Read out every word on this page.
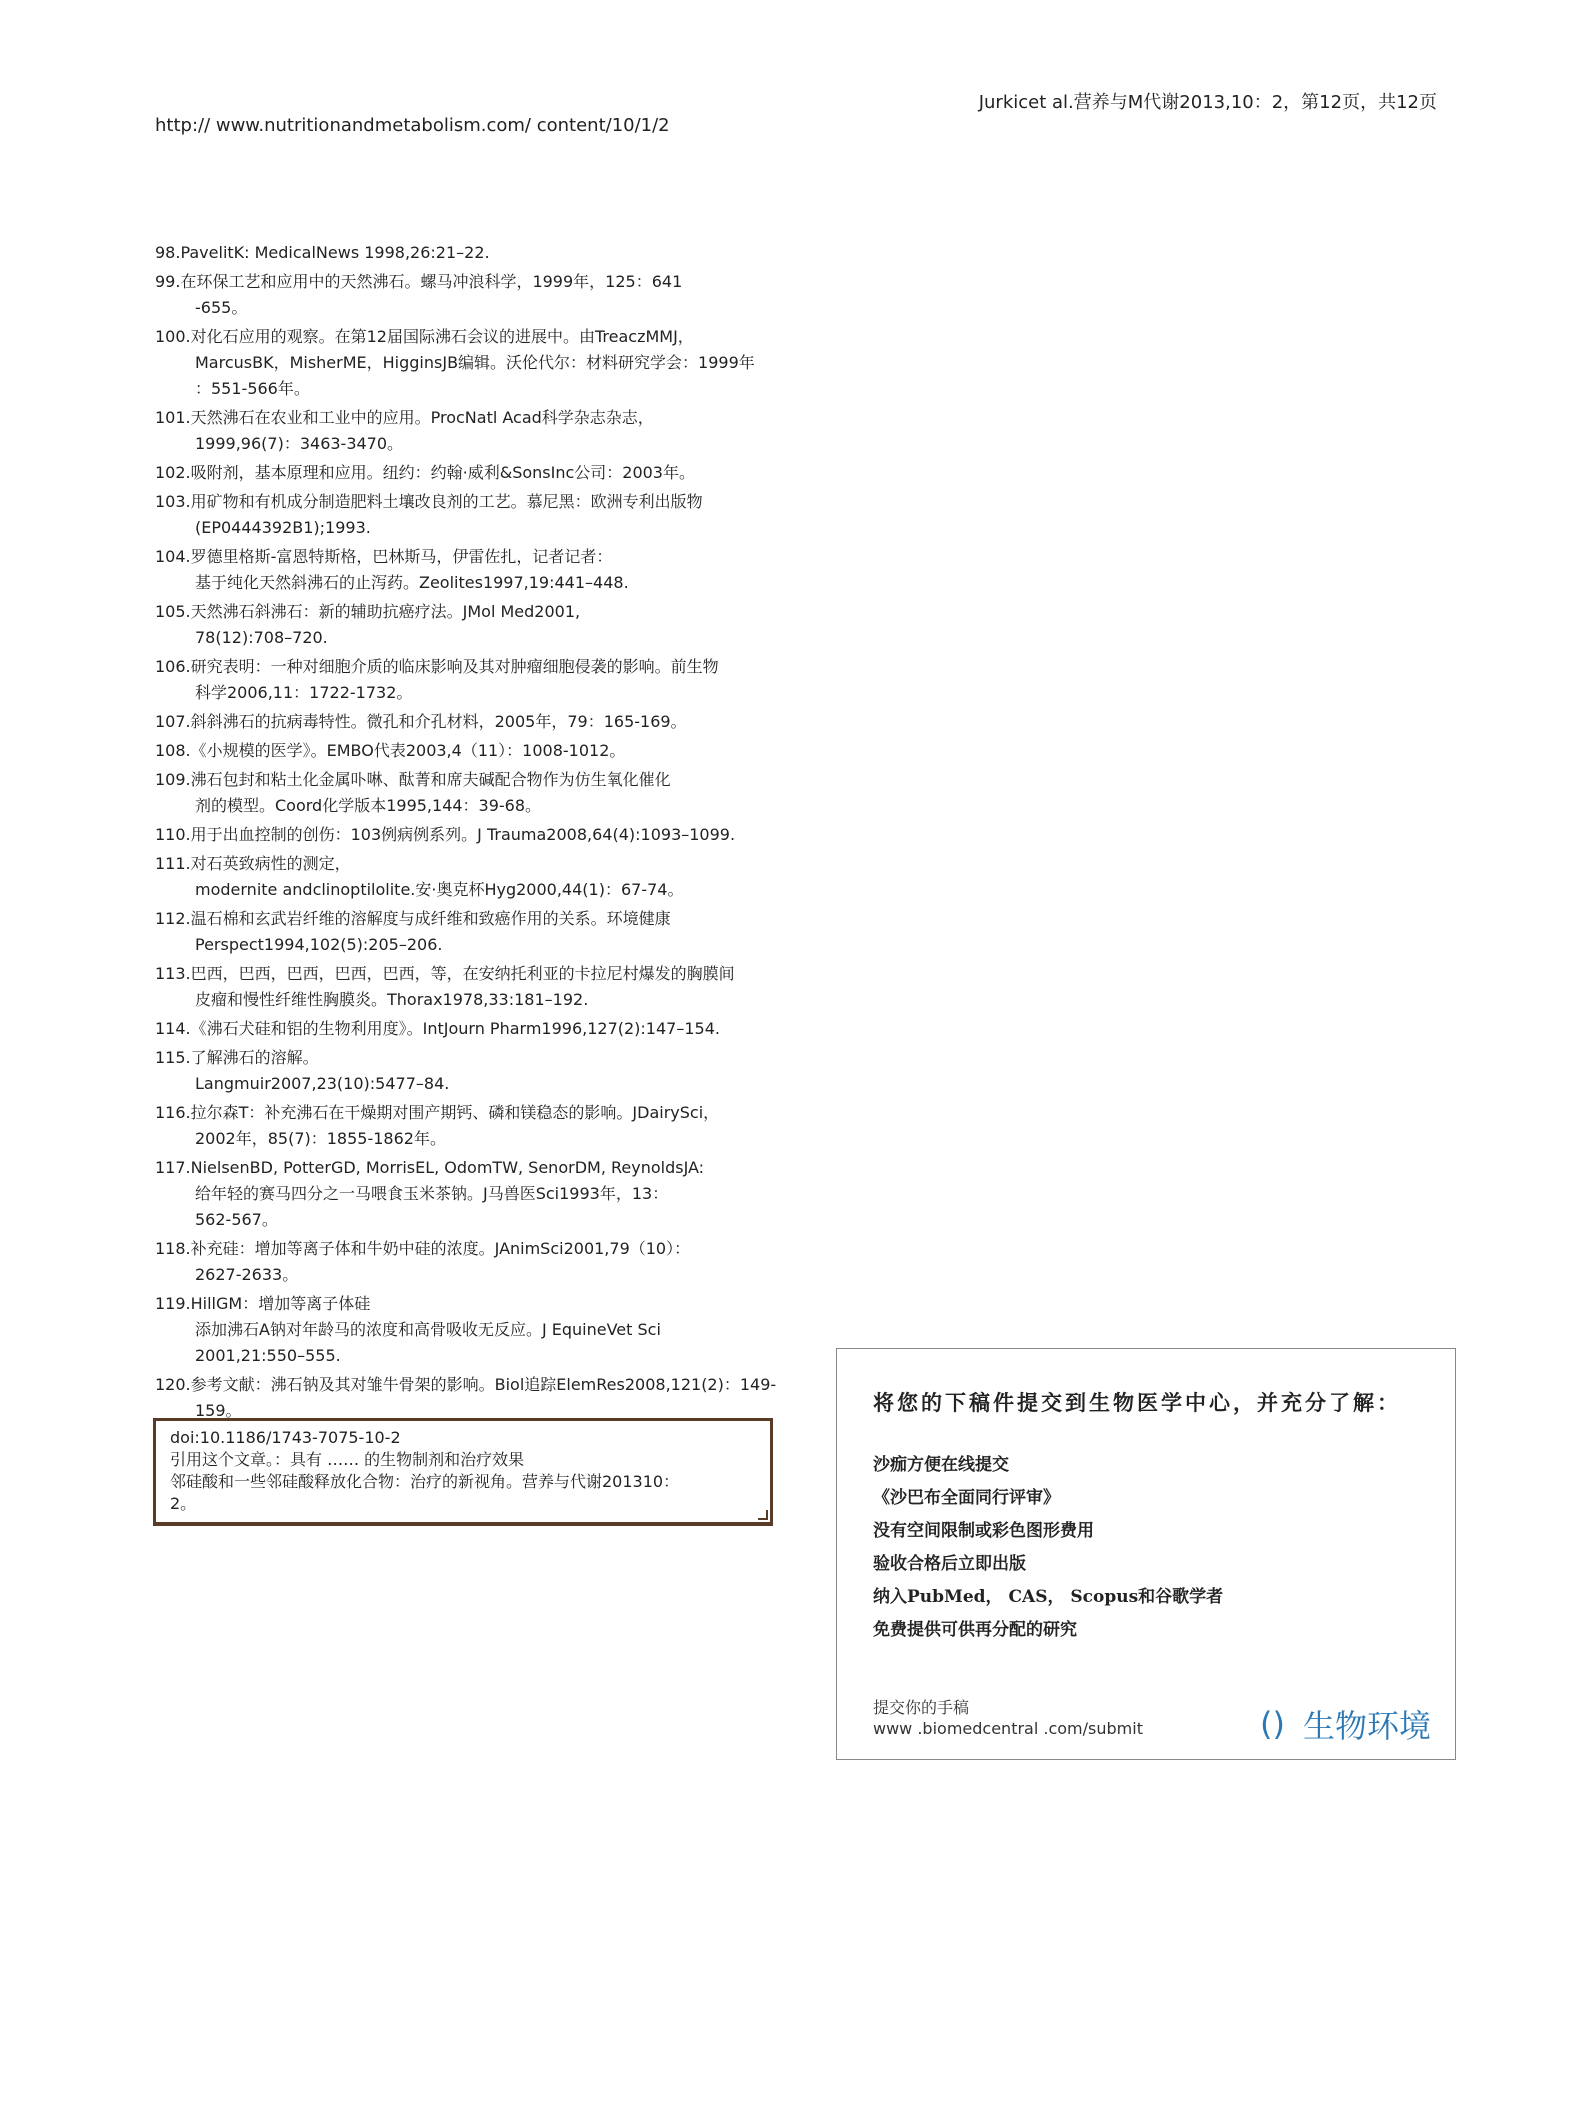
Jurkicet al.营养与M代谢2013,10：2，第12页，共12页
http:// www.nutritionandmetabolism.com/ content/10/1/2
98.PavelitK: MedicalNews 1998,26:21–22.
99.在环保工艺和应用中的天然沸石。螺马冲浪科学，1999年，125：641
-655。
100.对化石应用的观察。在第12届国际沸石会议的进展中。由TreaczMMJ，
MarcusBK，MisherME，HigginsJB编辑。沃伦代尔：材料研究学会：1999年
：551-566年。
101.天然沸石在农业和工业中的应用。ProcNatl Acad科学杂志杂志，
1999,96(7)：3463-3470。
102.吸附剂，基本原理和应用。纽约：约翰·威利&SonsInc公司：2003年。
103.用矿物和有机成分制造肥料土壤改良剂的工艺。慕尼黑：欧洲专利出版物
(EP0444392B1);1993.
104.罗德里格斯-富恩特斯格，巴林斯马，伊雷佐扎，记者记者：
基于纯化天然斜沸石的止泻药。Zeolites1997,19:441–448.
105.天然沸石斜沸石：新的辅助抗癌疗法。JMol Med2001,
78(12):708–720.
106.研究表明：一种对细胞介质的临床影响及其对肿瘤细胞侵袭的影响。前生物
科学2006,11：1722-1732。
107.斜斜沸石的抗病毒特性。微孔和介孔材料，2005年，79：165-169。
108.《小规模的医学》。EMBO代表2003,4（11）：1008-1012。
109.沸石包封和粘土化金属卟啉、酞菁和席夫碱配合物作为仿生氧化催化
剂的模型。Coord化学版本1995,144：39-68。
110.用于出血控制的创伤：103例病例系列。J Trauma2008,64(4):1093–1099.
111.对石英致病性的测定，
modernite andclinoptilolite.安·奥克杯Hyg2000,44(1)：67-74。
112.温石棉和玄武岩纤维的溶解度与成纤维和致癌作用的关系。环境健康
Perspect1994,102(5):205–206.
113.巴西，巴西，巴西，巴西，巴西，等，在安纳托利亚的卡拉尼村爆发的胸膜间
皮瘤和慢性纤维性胸膜炎。Thorax1978,33:181–192.
114.《沸石犬硅和铝的生物利用度》。IntJourn Pharm1996,127(2):147–154.
115.了解沸石的溶解。
Langmuir2007,23(10):5477–84.
116.拉尔森T：补充沸石在干燥期对围产期钙、磷和镁稳态的影响。JDairySci，
2002年，85(7)：1855-1862年。
117.NielsenBD, PotterGD, MorrisEL, OdomTW, SenorDM, ReynoldsJA:
给年轻的赛马四分之一马喂食玉米茶钠。J马兽医Sci1993年，13：
562-567。
118.补充硅：增加等离子体和牛奶中硅的浓度。JAnimSci2001,79（10）：
2627-2633。
119.HillGM：增加等离子体硅
添加沸石A钠对年龄马的浓度和高骨吸收无反应。J EquineVet Sci
2001,21:550–555.
120.参考文献：沸石钠及其对雏牛骨架的影响。Biol追踪ElemRes2008,121(2)：149-
159。
doi:10.1186/1743-7075-10-2
引用这个文章。：具有 …… 的生物制剂和治疗效果
邻硅酸和一些邻硅酸释放化合物：治疗的新视角。营养与代谢201310：
2。
将您的下稿件提交到生物医学中心，并充分了解：
沙痂方便在线提交
《沙巴布全面同行评审》
没有空间限制或彩色图形费用
验收合格后立即出版
纳入PubMed， CAS， Scopus和谷歌学者
免费提供可供再分配的研究
提交你的手稿
www .biomedcentral .com/submit	() 生物环境
